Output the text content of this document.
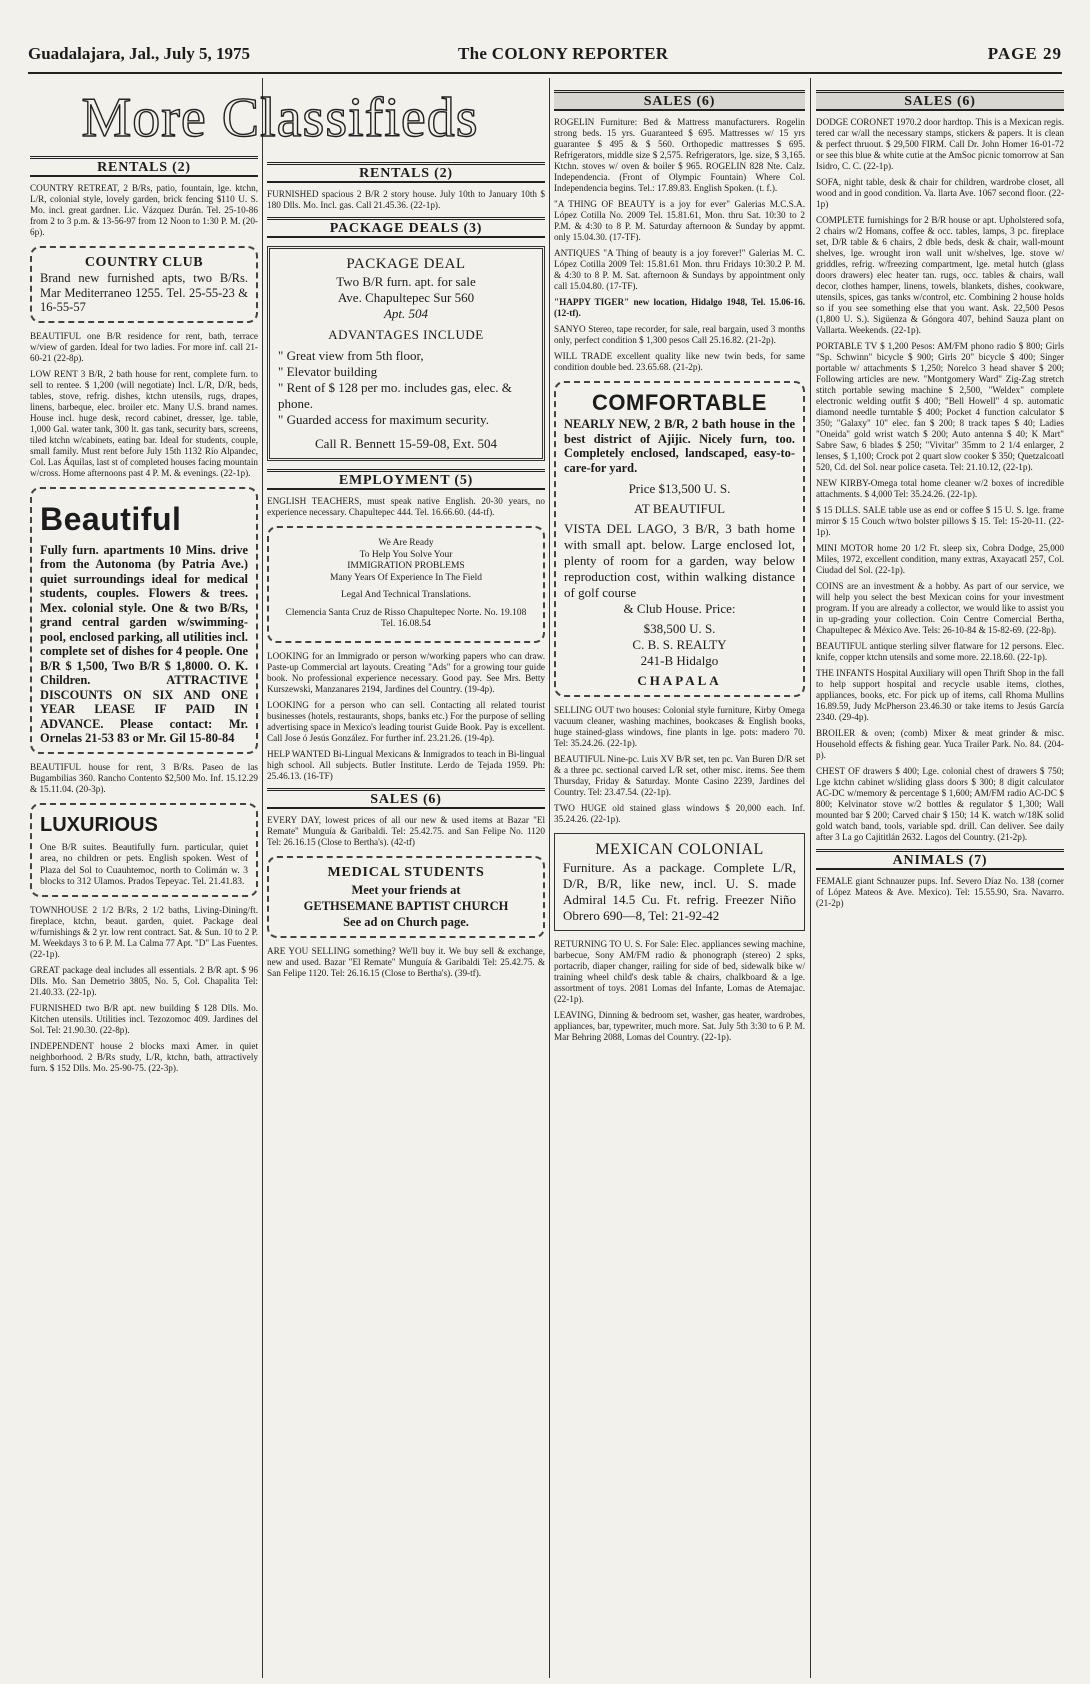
Guadalajara, Jal., July 5, 1975	The COLONY REPORTER	PAGE 29
More Classifieds
RENTALS (2)

COUNTRY RETREAT, 2 B/Rs, patio, fountain, lge. ktchn, L/R, colonial style, lovely garden, brick fencing $110 U. S. Mo. incl. great gardner. Lic. Vázquez Durán. Tel. 25-10-86 from 2 to 3 p.m. & 13-56-97 from 12 Noon to 1:30 P. M. (20-6p).

COUNTRY CLUB
Brand new furnished apts, two B/Rs. Mar Mediterraneo 1255. Tel. 25-55-23 & 16-55-57

BEAUTIFUL one B/R residence for rent, bath, terrace w/view of garden. Ideal for two ladies. For more inf. call 21-60-21 (22-8p).

LOW RENT 3 B/R, 2 bath house for rent, complete furn. to sell to rentee. $ 1,200 (will negotiate) Incl. L/R, D/R, beds, tables, stove, refrig. dishes, ktchn utensils, rugs, drapes, linens, barbeque, elec. broiler etc. Many U.S. brand names. House incl. huge desk, record cabinet, dresser, lge. table, 1,000 Gal. water tank, 300 lt. gas tank, security bars, screens, tiled ktchn w/cabinets, eating bar. Ideal for students, couple, small family. Must rent before July 15th 1132 Río Alpandec, Col. Las Áquilas, last st of completed houses facing mountain w/cross. Home afternoons past 4 P. M. & evenings. (22-1p).

Beautiful
Fully furn. apartments 10 Mins. drive from the Autonoma (by Patria Ave.) quiet surroundings ideal for medical students, couples. Flowers & trees. Mex. colonial style. One & two B/Rs, grand central garden w/swimming-pool, enclosed parking, all utilities incl. complete set of dishes for 4 people. One B/R $ 1,500, Two B/R $ 1,8000. O. K. Children. ATTRACTIVE DISCOUNTS ON SIX AND ONE YEAR LEASE IF PAID IN ADVANCE. Please contact: Mr. Ornelas 21-53 83 or Mr. Gil 15-80-84

BEAUTIFUL house for rent, 3 B/Rs. Paseo de las Bugambilias 360. Rancho Contento $2,500 Mo. Inf. 15.12.29 & 15.11.04. (20-3p).

LUXURIOUS
One B/R suites. Beautifully furn. particular, quiet area, no children or pets. English spoken. West of Plaza del Sol to Cuauhtemoc, north to Colimán w. 3 blocks to 312 Ulamos. Prados Tepeyac. Tel. 21.41.83.

TOWNHOUSE 2 1/2 B/Rs, 2 1/2 baths, Living-Dining/ft. fireplace, ktchn, beaut. garden, quiet. Package deal w/furnishings & 2 yr. low rent contract. Sat. & Sun. 10 to 2 P. M. Weekdays 3 to 6 P. M. La Calma 77 Apt. "D" Las Fuentes. (22-1p).

GREAT package deal includes all essentials. 2 B/R apt. $ 96 Dlls. Mo. San Demetrio 3805, No. 5, Col. Chapalita Tel: 21.40.33. (22-1p).

FURNISHED two B/R apt. new building $ 128 Dlls. Mo. Kitchen utensils. Utilities incl. Tezozomoc 409. Jardines del Sol. Tel: 21.90.30. (22-8p).

INDEPENDENT house 2 blocks maxi Amer. in quiet neighborhood. 2 B/Rs study, L/R, ktchn, bath, attractively furn. $ 152 Dlls. Mo. 25-90-75. (22-3p).

RENTALS (2)

FURNISHED spacious 2 B/R 2 story house. July 10th to January 10th $ 180 Dlls. Mo. Incl. gas. Call 21.45.36. (22-1p).

PACKAGE DEALS (3)
PACKAGE DEAL
Two B/R furn. apt. for sale
Ave. Chapultepec Sur 560
Apt. 504
ADVANTAGES INCLUDE
" Great view from 5th floor,
" Elevator building
" Rent of $ 128 per mo. includes gas, elec. & phone.
" Guarded access for maximum security.
Call R. Bennett 15-59-08, Ext. 504
EMPLOYMENT (5)

ENGLISH TEACHERS, must speak native English. 20-30 years, no experience necessary. Chapultepec 444. Tel. 16.66.60. (44-tf).

We Are Ready
To Help You Solve Your
IMMIGRATION PROBLEMS
Many Years Of Experience In The Field
Legal And Technical Translations.
Clemencia Santa Cruz de Risso Chapultepec Norte. No. 19.108 Tel. 16.08.54

LOOKING for an Immigrado or person w/working papers who can draw. Paste-up Commercial art layouts. Creating "Ads" for a growing tour guide book. No professional experience necessary. Good pay. See Mrs. Betty Kurszewski, Manzanares 2194, Jardines del Country. (19-4p).

LOOKING for a person who can sell. Contacting all related tourist businesses (hotels, restaurants, shops, banks etc.) For the purpose of selling advertising space in Mexico's leading tourist Guide Book. Pay is excellent. Call Jose ó Jesús González. For further inf. 23.21.26. (19-4p).

HELP WANTED Bi-Lingual Mexicans & Inmigrados to teach in Bi-lingual high school. All subjects. Butler Institute. Lerdo de Tejada 1959. Ph: 25.46.13. (16-TF)

SALES (6)

EVERY DAY, lowest prices of all our new & used items at Bazar "El Remate" Munguía & Garibaldi. Tel: 25.42.75. and San Felipe No. 1120 Tel: 26.16.15 (Close to Bertha's). (42-tf)

MEDICAL STUDENTS
Meet your friends at
GETHSEMANE BAPTIST CHURCH
See ad on Church page.

ARE YOU SELLING something? We'll buy it. We buy sell & exchange, new and used. Bazar "El Remate" Munguía & Garibaldi Tel: 25.42.75. & San Felipe 1120. Tel: 26.16.15 (Close to Bertha's). (39-tf).

SALES (6)

ROGELIN Furniture: Bed & Mattress manufacturers. Rogelin strong beds. 15 yrs. Guaranteed $ 695. Mattresses w/ 15 yrs guarantee $ 495 & $ 560. Orthopedic mattresses $ 695. Refrigerators, middle size $ 2,575. Refrigerators, lge. size, $ 3,165. Ktchn. stoves w/ oven & boiler $ 965. ROGELIN 828 Nte. Calz. Independencia. (Front of Olympic Fountain) Where Col. Independencia begins. Tel.: 17.89.83. English Spoken. (t. f.).

"A THING OF BEAUTY is a joy for ever" Galerias M.C.S.A. López Cotilla No. 2009 Tel. 15.81.61, Mon. thru Sat. 10:30 to 2 P.M. & 4:30 to 8 P. M. Saturday afternoon & Sunday by appmt. only 15.04.30. (17-TF).

ANTIQUES "A Thing of beauty is a joy forever!" Galerias M. C. López Cotilla 2009 Tel: 15.81.61 Mon. thru Fridays 10:30.2 P. M. & 4:30 to 8 P. M. Sat. afternoon & Sundays by appointment only call 15.04.80. (17-TF).

"HAPPY TIGER" new location, Hidalgo 1948, Tel. 15.06-16. (12-tf).

SANYO Stereo, tape recorder, for sale, real bargain, used 3 months only, perfect condition $ 1,300 pesos Call 25.16.82. (21-2p).

WILL TRADE excellent quality like new twin beds, for same condition double bed. 23.65.68. (21-2p).

COMFORTABLE
NEARLY NEW, 2 B/R, 2 bath house in the best district of Ajijic. Nicely furn, too. Completely enclosed, landscaped, easy-to-care-for yard.
Price $13,500 U. S.
AT BEAUTIFUL
VISTA DEL LAGO, 3 B/R, 3 bath home with small apt. below. Large enclosed lot, plenty of room for a garden, way below reproduction cost, within walking distance of golf course
& Club House. Price:
$38,500 U. S.
C. B. S. REALTY
241-B Hidalgo
CHAPALA

SELLING OUT two houses: Colonial style furniture, Kirby Omega vacuum cleaner, washing machines, bookcases & English books, huge stained-glass windows, fine plants in lge. pots: madero 70. Tel: 35.24.26. (22-1p).

BEAUTIFUL Nine-pc. Luis XV B/R set, ten pc. Van Buren D/R set & a three pc. sectional carved L/R set, other misc. items. See them Thursday, Friday & Saturday. Monte Casino 2239, Jardines del Country. Tel: 23.47.54. (22-1p).

TWO HUGE old stained glass windows $ 20,000 each. Inf. 35.24.26. (22-1p).

MEXICAN COLONIAL
Furniture. As a package. Complete L/R, D/R, B/R, like new, incl. U. S. made Admiral 14.5 Cu. Ft. refrig. Freezer Niño Obrero 690—8, Tel: 21-92-42

RETURNING TO U. S. For Sale: Elec. appliances sewing machine, barbecue, Sony AM/FM radio & phonograph (stereo) 2 spks, portacrib, diaper changer, railing for side of bed, sidewalk bike w/ training wheel child's desk table & chairs, chalkboard & a lge. assortment of toys. 2081 Lomas del Infante, Lomas de Atemajac. (22-1p).

LEAVING, Dinning & bedroom set, washer, gas heater, wardrobes, appliances, bar, typewriter, much more. Sat. July 5th 3:30 to 6 P. M. Mar Behring 2088, Lomas del Country. (22-1p).

SALES (6)

DODGE CORONET 1970.2 door hardtop. This is a Mexican regis. tered car w/all the necessary stamps, stickers & papers. It is clean & perfect thruout. $ 29,500 FIRM. Call Dr. John Homer 16-01-72 or see this blue & white cutie at the AmSoc picnic tomorrow at San Isidro, C. C. (22-1p).

SOFA, night table, desk & chair for children, wardrobe closet, all wood and in good condition. Va. llarta Ave. 1067 second floor. (22-1p)

COMPLETE furnishings for 2 B/R house or apt. Upholstered sofa, 2 chairs w/2 Homans, coffee & occ. tables, lamps, 3 pc. fireplace set, D/R table & 6 chairs, 2 dble beds, desk & chair, wall-mount shelves, lge. wrought iron wall unit w/shelves, lge. stove w/ griddles, refrig. w/freezing compartment, lge. metal hutch (glass doors drawers) elec heater tan. rugs, occ. tables & chairs, wall decor, clothes hamper, linens, towels, blankets, dishes, cookware, utensils, spices, gas tanks w/control, etc. Combining 2 house holds so if you see something else that you want. Ask. 22,500 Pesos (1,800 U. S.). Sigüenza & Góngora 407, behind Sauza plant on Vallarta. Weekends. (22-1p).

PORTABLE TV $ 1,200 Pesos: AM/FM phono radio $ 800; Girls "Sp. Schwinn" bicycle $ 900; Girls 20" bicycle $ 400; Singer portable w/ attachments $ 1,250; Norelco 3 head shaver $ 200; Following articles are new. "Montgomery Ward" Zig-Zag stretch stitch portable sewing machine $ 2,500, "Weldex" complete electronic welding outfit $ 400; "Bell Howell" 4 sp. automatic diamond needle turntable $ 400; Pocket 4 function calculator $ 350; "Galaxy" 10" elec. fan $ 200; 8 track tapes $ 40; Ladies "Oneida" gold wrist watch $ 200; Auto antenna $ 40; K Mart" Sabre Saw, 6 blades $ 250; "Vivitar" 35mm to 2 1/4 enlarger, 2 lenses, $ 1,100; Crock pot 2 quart slow cooker $ 350; Quetzalcoatl 520, Cd. del Sol. near police caseta. Tel: 21.10.12, (22-1p).

NEW KIRBY-Omega total home cleaner w/2 boxes of incredible attachments. $ 4,000 Tel: 35.24.26. (22-1p).

$ 15 DLLS. SALE table use as end or coffee $ 15 U. S. lge. frame mirror $ 15 Couch w/two bolster pillows $ 15. Tel: 15-20-11. (22-1p).

MINI MOTOR home 20 1/2 Ft. sleep six, Cobra Dodge, 25,000 Miles, 1972, excellent condition, many extras, Axayacatl 257, Col. Ciudad del Sol. (22-1p).

COINS are an investment & a hobby. As part of our service, we will help you select the best Mexican coins for your investment program. If you are already a collector, we would like to assist you in up-grading your collection. Coin Centre Comercial Bertha, Chapultepec & México Ave. Tels: 26-10-84 & 15-82-69. (22-8p).

BEAUTIFUL antique sterling silver flatware for 12 persons. Elec. knife, copper ktchn utensils and some more. 22.18.60. (22-1p).

THE INFANTS Hospital Auxiliary will open Thrift Shop in the fall to help support hospital and recycle usable items, clothes, appliances, books, etc. For pick up of items, call Rhoma Mullins 16.89.59, Judy McPherson 23.46.30 or take items to Jesús García 2340. (29-4p).

BROILER & oven; (comb) Mixer & meat grinder & misc. Household effects & fishing gear. Yuca Trailer Park. No. 84. (204-p).

CHEST OF drawers $ 400; Lge. colonial chest of drawers $ 750; Lge ktchn cabinet w/sliding glass doors $ 300; 8 digit calculator AC-DC w/memory & percentage $ 1,600; AM/FM radio AC-DC $ 800; Kelvinator stove w/2 bottles & regulator $ 1,300; Wall mounted bar $ 200; Carved chair $ 150; 14 K. watch w/18K solid gold watch band, tools, variable spd. drill. Can deliver. See daily after 3 La go Cajititlán 2632. Lagos del Country. (21-2p).

ANIMALS (7)

FEMALE giant Schnauzer pups. Inf. Severo Díaz No. 138 (corner of López Mateos & Ave. Mexico). Tel: 15.55.90, Sra. Navarro. (21-2p)
